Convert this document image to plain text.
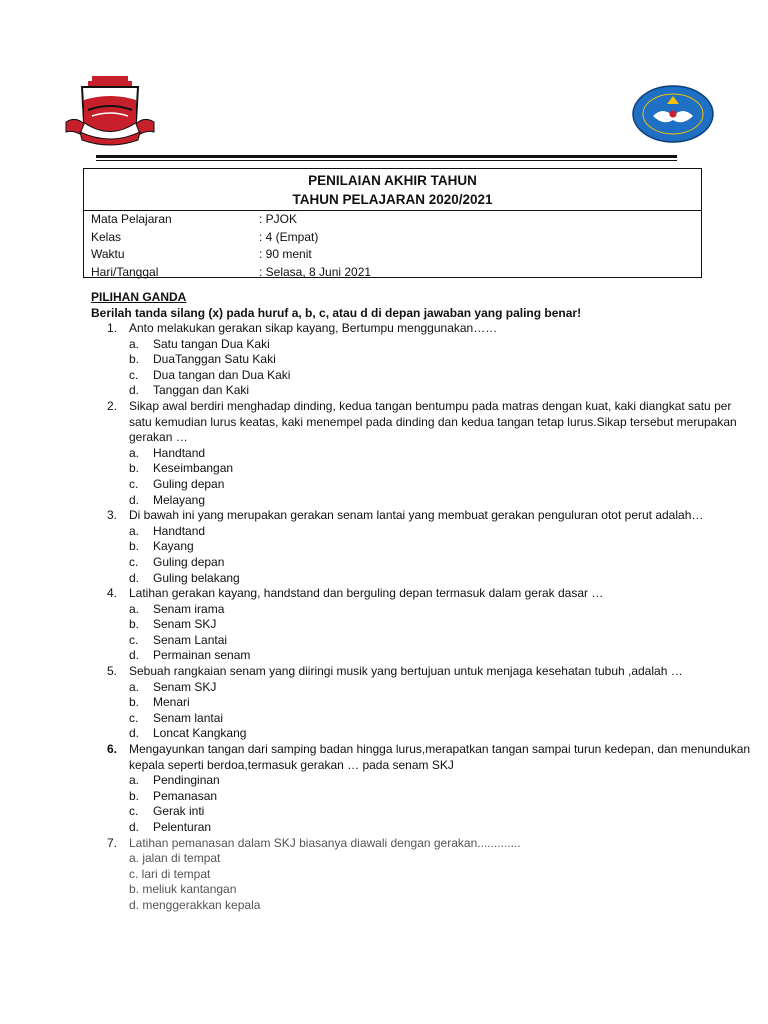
PENILAIAN AKHIR TAHUN
TAHUN PELAJARAN 2020/2021
Mata Pelajaran	: PJOK
Kelas	: 4 (Empat)
Waktu	: 90 menit
Hari/Tanggal	: Selasa, 8 Juni 2021
PILIHAN GANDA
Berilah tanda silang (x) pada huruf a, b, c, atau d di depan jawaban yang paling benar!
1. Anto melakukan gerakan sikap kayang, Bertumpu menggunakan……
a. Satu tangan Dua Kaki
b. DuaTanggan Satu Kaki
c. Dua tangan dan Dua Kaki
d. Tanggan dan Kaki
2. Sikap awal berdiri menghadap dinding, kedua tangan bentumpu pada matras dengan kuat, kaki diangkat satu per satu kemudian lurus keatas, kaki menempel pada dinding dan kedua tangan tetap lurus.Sikap tersebut merupakan gerakan …
a. Handtand
b. Keseimbangan
c. Guling depan
d. Melayang
3. Di bawah ini yang merupakan gerakan senam lantai yang membuat gerakan penguluran otot perut adalah…
a. Handtand
b. Kayang
c. Guling depan
d. Guling belakang
4. Latihan gerakan kayang, handstand dan berguling depan termasuk dalam gerak dasar …
a. Senam irama
b. Senam SKJ
c. Senam Lantai
d. Permainan senam
5. Sebuah rangkaian senam yang diiringi musik yang bertujuan untuk menjaga kesehatan tubuh ,adalah …
a. Senam SKJ
b. Menari
c. Senam lantai
d. Loncat Kangkang
6. Mengayunkan tangan dari samping badan hingga lurus,merapatkan tangan sampai turun kedepan, dan menundukan kepala seperti berdoa,termasuk gerakan … pada senam SKJ
a. Pendinginan
b. Pemanasan
c. Gerak inti
d. Pelenturan
7. Latihan pemanasan dalam SKJ biasanya diawali dengan gerakan.............
a. jalan di tempat
c. lari di tempat
b. meliuk kantangan
d. menggerakkan kepala
